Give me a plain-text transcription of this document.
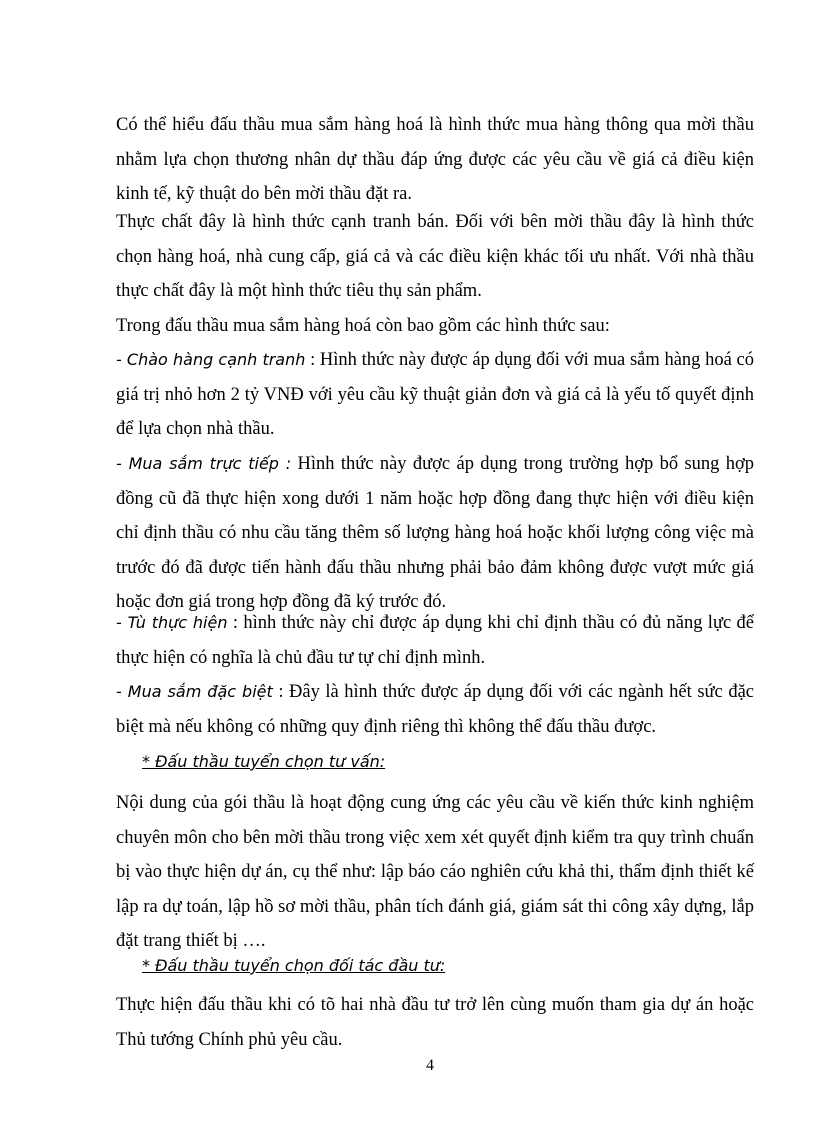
Có thể hiểu đấu thầu mua sắm hàng hoá là hình thức mua hàng thông qua mời thầu nhằm lựa chọn thương nhân dự thầu đáp ứng được các yêu cầu về giá cả điều kiện kinh tế, kỹ thuật do bên mời thầu đặt ra.

Thực chất đây là hình thức cạnh tranh bán. Đối với bên mời thầu đây là hình thức chọn hàng hoá, nhà cung cấp, giá cả và các điều kiện khác tối ưu nhất. Với nhà thầu thực chất đây là một hình thức tiêu thụ sản phẩm.

Trong đấu thầu mua sắm hàng hoá còn bao gồm các hình thức sau:

- Chào hàng cạnh tranh : Hình thức này được áp dụng đối với mua sắm hàng hoá có giá trị nhỏ hơn 2 tỷ VNĐ với yêu cầu kỹ thuật giản đơn và giá cả là yếu tố quyết định để lựa chọn nhà thầu.

- Mua sắm trực tiếp : Hình thức này được áp dụng trong trường hợp bổ sung hợp đồng cũ đã thực hiện xong dưới 1 năm hoặc hợp đồng đang thực hiện với điều kiện chỉ định thầu có nhu cầu tăng thêm số lượng hàng hoá hoặc khối lượng công việc mà trước đó đã được tiến hành đấu thầu nhưng phải bảo đảm không được vượt mức giá hoặc đơn giá trong hợp đồng đã ký trước đó.

- Tù thực hiện : hình thức này chỉ được áp dụng khi chỉ định thầu có đủ năng lực để thực hiện có nghĩa là chủ đầu tư tự chỉ định mình.

- Mua sắm đặc biệt : Đây là hình thức được áp dụng đối với các ngành hết sức đặc biệt mà nếu không có những quy định riêng thì không thể đấu thầu được.

* Đấu thầu tuyển chọn tư vấn:

Nội dung của gói thầu là hoạt động cung ứng các yêu cầu về kiến thức kinh nghiệm chuyên môn cho bên mời thầu trong việc xem xét quyết định kiểm tra quy trình chuẩn bị vào thực hiện dự án, cụ thể như: lập báo cáo nghiên cứu khả thi, thẩm định thiết kế lập ra dự toán, lập hồ sơ mời thầu, phân tích đánh giá, giám sát thi công xây dựng, lắp đặt trang thiết bị ….

* Đấu thầu tuyển chọn đối tác đầu tư:

Thực hiện đấu thầu khi có tõ hai nhà đầu tư trở lên cùng muốn tham gia dự án hoặc Thủ tướng Chính phủ yêu cầu.

4
